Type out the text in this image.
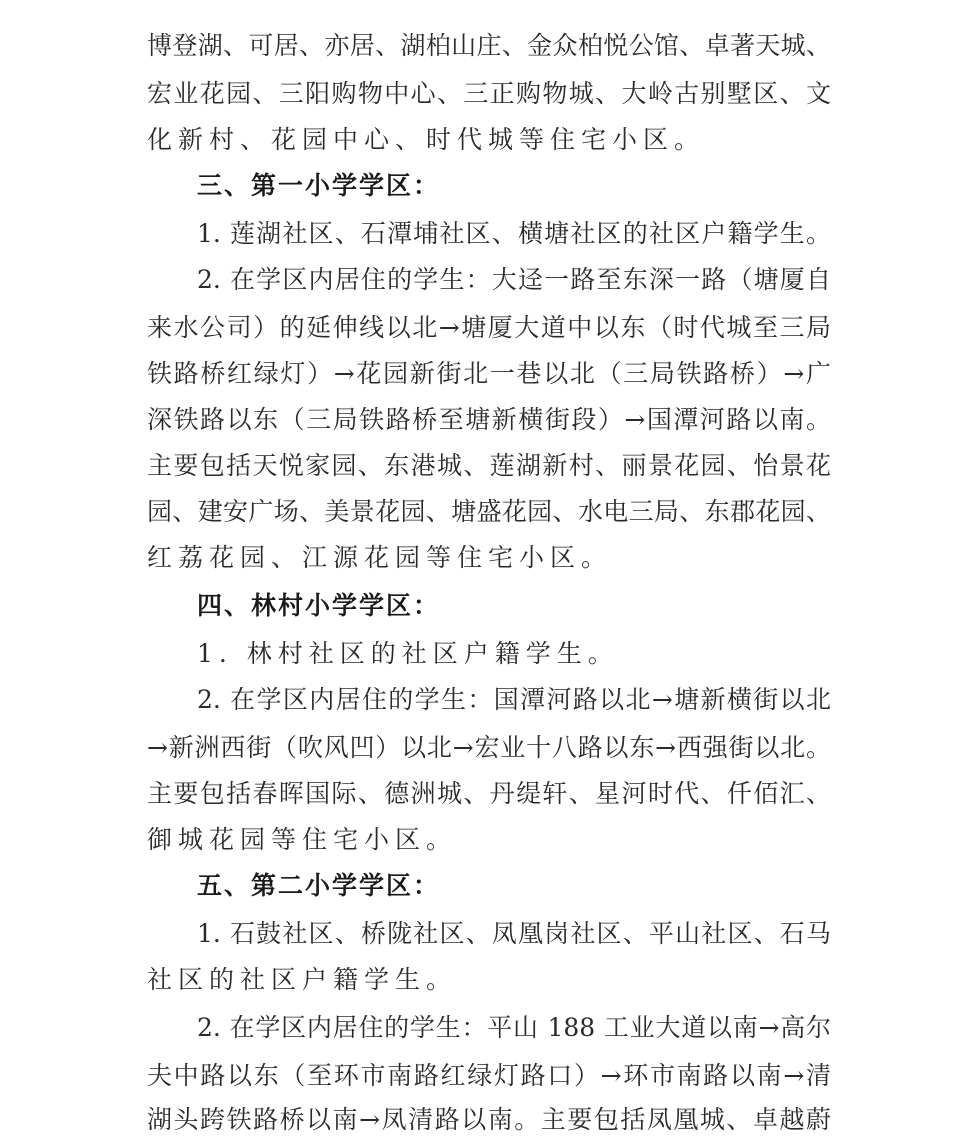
博登湖、可居、亦居、湖柏山庄、金众柏悦公馆、卓著天城、
宏业花园、三阳购物中心、三正购物城、大岭古别墅区、文
化新村、花园中心、时代城等住宅小区。
三、第一小学学区：
1. 莲湖社区、石潭埔社区、横塘社区的社区户籍学生。
2. 在学区内居住的学生：大迳一路至东深一路（塘厦自
来水公司）的延伸线以北→塘厦大道中以东（时代城至三局
铁路桥红绿灯）→花园新街北一巷以北（三局铁路桥）→广
深铁路以东（三局铁路桥至塘新横街段）→国潭河路以南。
主要包括天悦家园、东港城、莲湖新村、丽景花园、怡景花
园、建安广场、美景花园、塘盛花园、水电三局、东郡花园、
红荔花园、江源花园等住宅小区。
四、林村小学学区：
1. 林村社区的社区户籍学生。
2. 在学区内居住的学生：国潭河路以北→塘新横街以北
→新洲西街（吹风凹）以北→宏业十八路以东→西强街以北。
主要包括春晖国际、德洲城、丹缇轩、星河时代、仟佰汇、
御城花园等住宅小区。
五、第二小学学区：
1. 石鼓社区、桥陇社区、凤凰岗社区、平山社区、石马
社区的社区户籍学生。
2. 在学区内居住的学生：平山 188 工业大道以南→高尔
夫中路以东（至环市南路红绿灯路口）→环市南路以南→清
湖头跨铁路桥以南→凤清路以南。主要包括凤凰城、卓越蔚
